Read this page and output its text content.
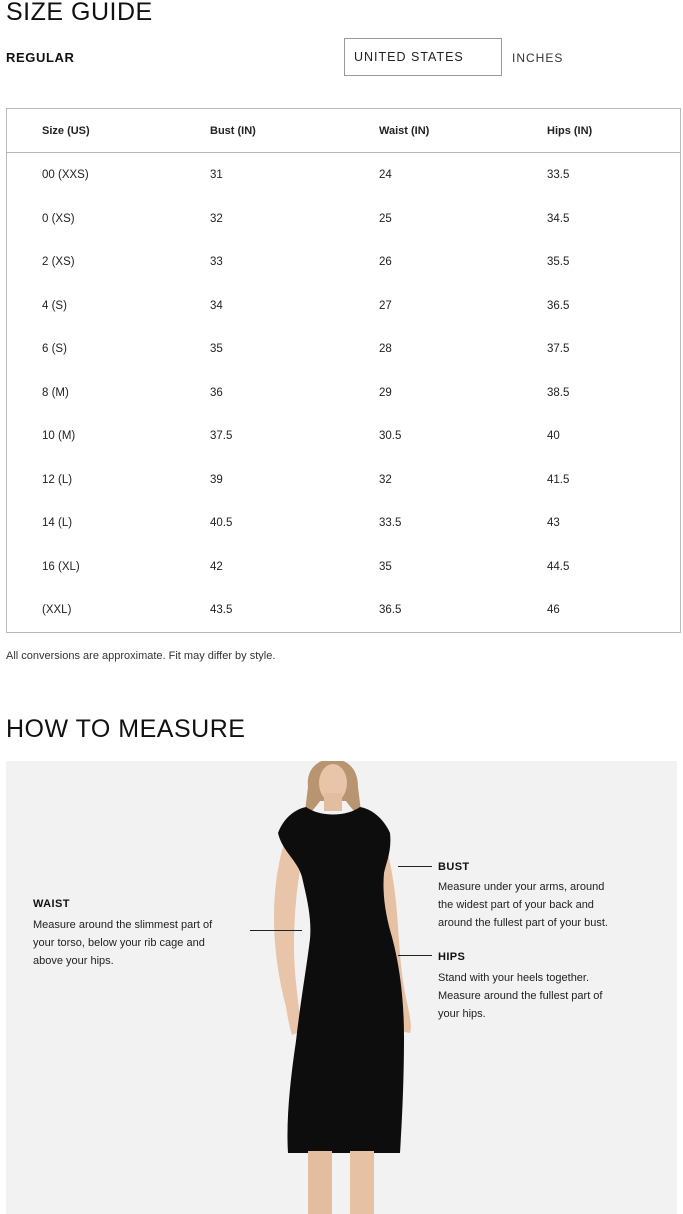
SIZE GUIDE
REGULAR	UNITED STATES	INCHES
Size (US)	Bust (IN)	Waist (IN)	Hips (IN)
00 (XXS)	31	24	33.5
0 (XS)	32	25	34.5
2 (XS)	33	26	35.5
4 (S)	34	27	36.5
6 (S)	35	28	37.5
8 (M)	36	29	38.5
10 (M)	37.5	30.5	40
12 (L)	39	32	41.5
14 (L)	40.5	33.5	43
16 (XL)	42	35	44.5
(XXL)	43.5	36.5	46
All conversions are approximate. Fit may differ by style.
HOW TO MEASURE
WAIST
Measure around the slimmest part of
your torso, below your rib cage and
above your hips.
BUST
Measure under your arms, around
the widest part of your back and
around the fullest part of your bust.
HIPS
Stand with your heels together.
Measure around the fullest part of
your hips.
